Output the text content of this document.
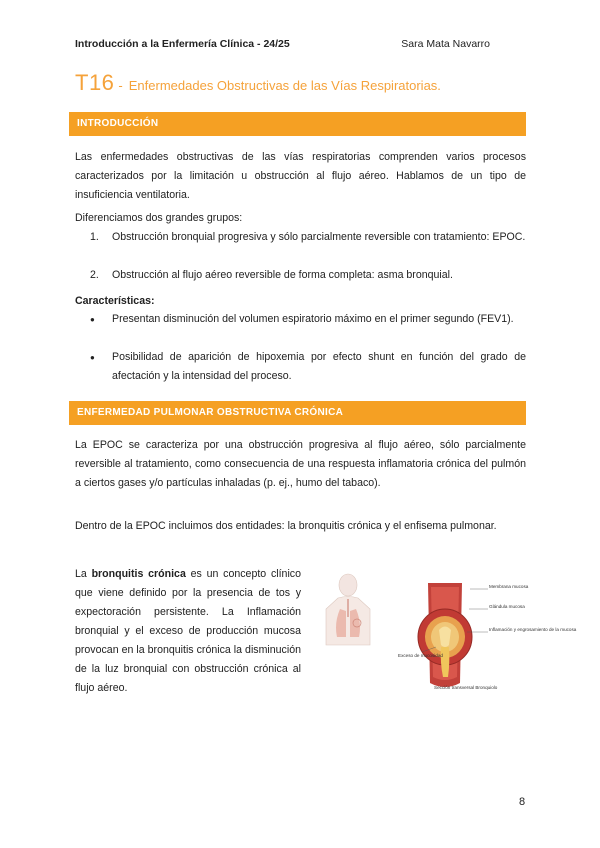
Introducción a la Enfermería Clínica - 24/25	Sara Mata Navarro
T16 - Enfermedades Obstructivas de las Vías Respiratorias.
INTRODUCCIÓN
Las enfermedades obstructivas de las vías respiratorias comprenden varios procesos caracterizados por la limitación u obstrucción al flujo aéreo. Hablamos de un tipo de insuficiencia ventilatoria.
Diferenciamos dos grandes grupos:
1.	Obstrucción bronquial progresiva y sólo parcialmente reversible con tratamiento: EPOC.
2.	Obstrucción al flujo aéreo reversible de forma completa: asma bronquial.
Características:
●	Presentan disminución del volumen espiratorio máximo en el primer segundo (FEV1).
●	Posibilidad de aparición de hipoxemia por efecto shunt en función del grado de afectación y la intensidad del proceso.
ENFERMEDAD PULMONAR OBSTRUCTIVA CRÓNICA
La EPOC se caracteriza por una obstrucción progresiva al flujo aéreo, sólo parcialmente reversible al tratamiento, como consecuencia de una respuesta inflamatoria crónica del pulmón a ciertos gases y/o partículas inhaladas (p. ej., humo del tabaco).
Dentro de la EPOC incluimos dos entidades: la bronquitis crónica y el enfisema pulmonar.
La bronquitis crónica es un concepto clínico que viene definido por la presencia de tos y expectoración persistente. La Inflamación bronquial y el exceso de producción mucosa provocan en la bronquitis crónica la disminución de la luz bronquial con obstrucción crónica al flujo aéreo.
Membrana mucosa
Glándula mucosa
Inflamación y engrosamiento de la mucosa
Exceso de mucosidad
Sección transversal Bronquiolo
8
